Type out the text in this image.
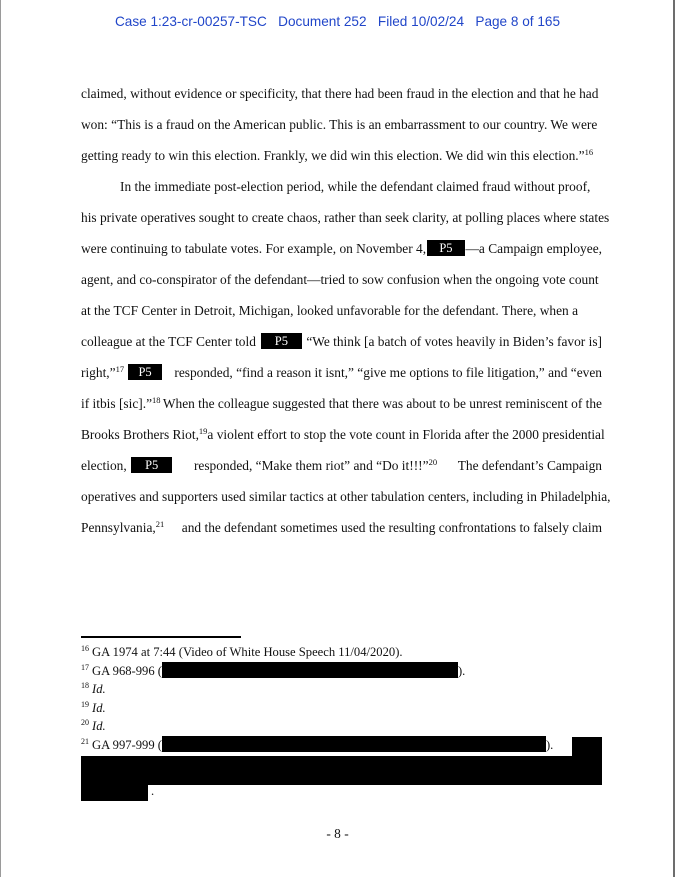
Case 1:23-cr-00257-TSC   Document 252   Filed 10/02/24   Page 8 of 165
claimed, without evidence or specificity, that there had been fraud in the election and that he had
won: “This is a fraud on the American public. This is an embarrassment to our country. We were
getting ready to win this election. Frankly, we did win this election. We did win this election.”$^{16}$
In the immediate post-election period, while the defendant claimed fraud without proof,
his private operatives sought to create chaos, rather than seek clarity, at polling places where states
were continuing to tabulate votes. For example, on November 4,	P5 —a Campaign employee,
agent, and co-conspirator of the defendant—tried to sow confusion when the ongoing vote count
at the TCF Center in Detroit, Michigan, looked unfavorable for the defendant. There, when a
colleague at the TCF Center told	P5 “We think [a batch of votes heavily in Biden’s favor is]
right,”$^{17}$ P5	responded, “find a reason it isnt,” “give me options to file litigation,” and “even
if itbis [sic].”$^{18}$ When the colleague suggested that there was about to be unrest reminiscent of the
Brooks Brothers Riot,$^{19}$ a violent effort to stop the vote count in Florida after the 2000 presidential
election, P5	responded, “Make them riot” and “Do it!!!”$^{20}$ The defendant’s Campaign
operatives and supporters used similar tactics at other tabulation centers, including in Philadelphia,
Pennsylvania,$^{21}$ and the defendant sometimes used the resulting confrontations to falsely claim
$^{16}$ GA 1974 at 7:44 (Video of White House Speech 11/04/2020).
$^{17}$ GA 968-996 (	).
$^{18}$ Id.
$^{19}$ Id.
$^{20}$ Id.
$^{21}$ GA 997-999 (	).
.
- 8 -
